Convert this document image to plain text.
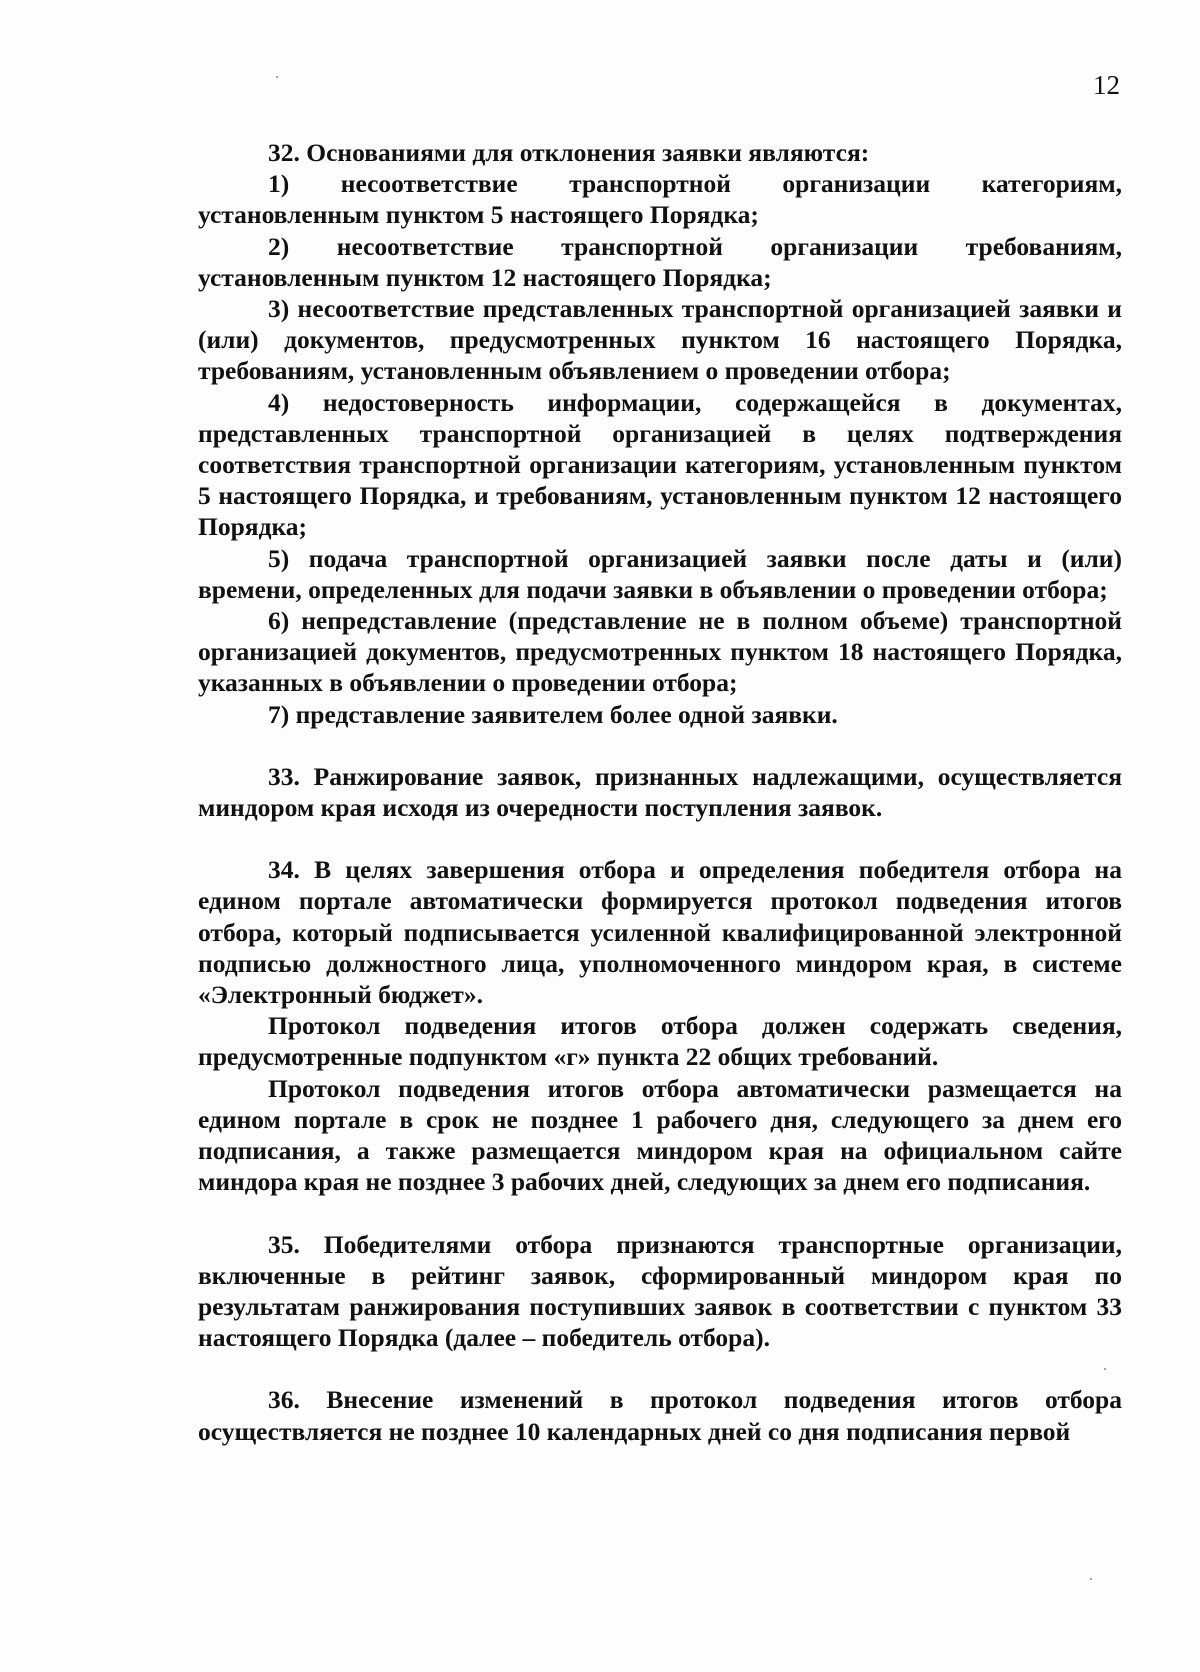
12

32. Основаниями для отклонения заявки являются:

1) несоответствие транспортной организации категориям, установленным пунктом 5 настоящего Порядка;

2) несоответствие транспортной организации требованиям, установленным пунктом 12 настоящего Порядка;

3) несоответствие представленных транспортной организацией заявки и (или) документов, предусмотренных пунктом 16 настоящего Порядка, требованиям, установленным объявлением о проведении отбора;

4) недостоверность информации, содержащейся в документах, представленных транспортной организацией в целях подтверждения соответствия транспортной организации категориям, установленным пунктом 5 настоящего Порядка, и требованиям, установленным пунктом 12 настоящего Порядка;

5) подача транспортной организацией заявки после даты и (или) времени, определенных для подачи заявки в объявлении о проведении отбора;

6) непредставление (представление не в полном объеме) транспортной организацией документов, предусмотренных пунктом 18 настоящего Порядка, указанных в объявлении о проведении отбора;

7) представление заявителем более одной заявки.

33. Ранжирование заявок, признанных надлежащими, осуществляется миндором края исходя из очередности поступления заявок.

34. В целях завершения отбора и определения победителя отбора на едином портале автоматически формируется протокол подведения итогов отбора, который подписывается усиленной квалифицированной электронной подписью должностного лица, уполномоченного миндором края, в системе «Электронный бюджет».

Протокол подведения итогов отбора должен содержать сведения, предусмотренные подпунктом «г» пункта 22 общих требований.

Протокол подведения итогов отбора автоматически размещается на едином портале в срок не позднее 1 рабочего дня, следующего за днем его подписания, а также размещается миндором края на официальном сайте миндора края не позднее 3 рабочих дней, следующих за днем его подписания.

35. Победителями отбора признаются транспортные организации, включенные в рейтинг заявок, сформированный миндором края по результатам ранжирования поступивших заявок в соответствии с пунктом 33 настоящего Порядка (далее – победитель отбора).

36. Внесение изменений в протокол подведения итогов отбора осуществляется не позднее 10 календарных дней со дня подписания первой
